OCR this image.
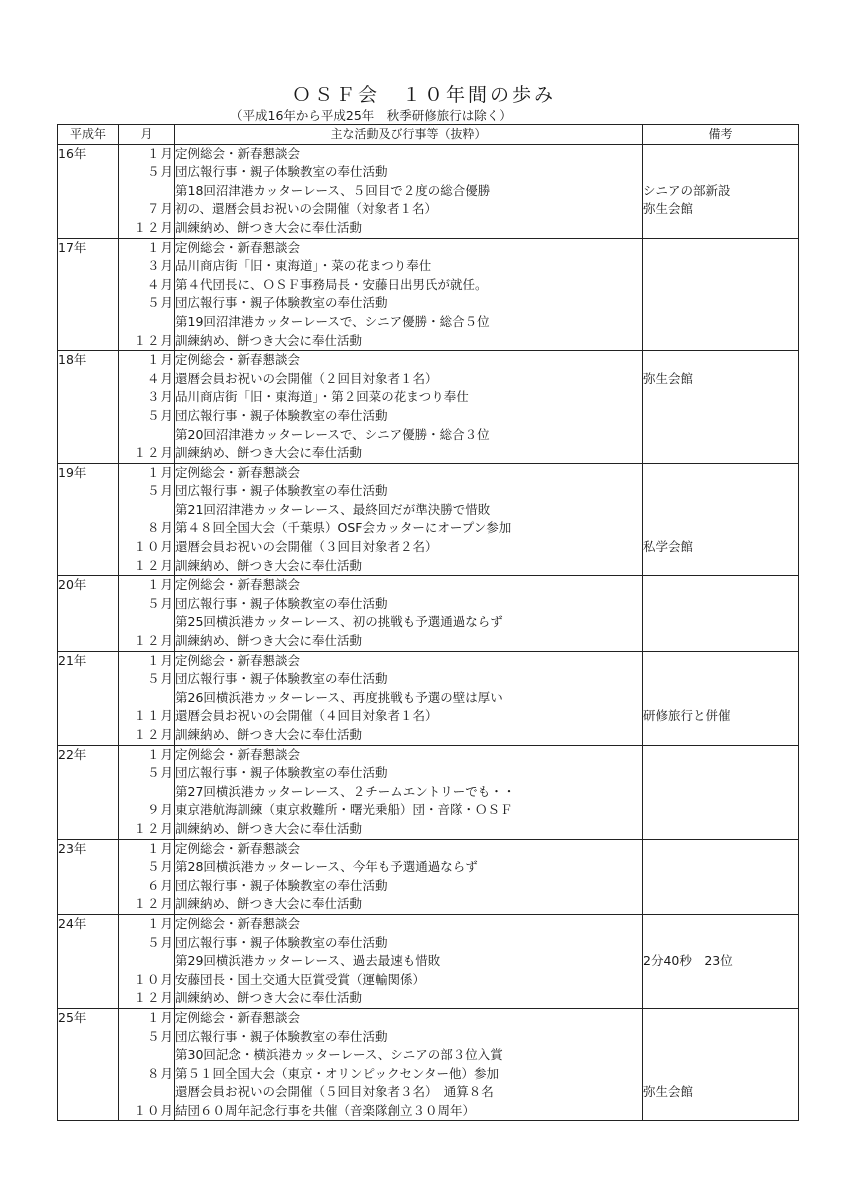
ＯＳＦ会　１０年間の歩み
（平成16年から平成25年　秋季研修旅行は除く）
平成年	月	主な活動及び行事等（抜粋）	備考
16年	１月	定例総会・新春懇談会	
	５月	団広報行事・親子体験教室の奉仕活動	
		第18回沼津港カッターレース、５回目で２度の総合優勝	シニアの部新設
	７月	初の、還暦会員お祝いの会開催（対象者１名）	弥生会館
	１２月	訓練納め、餅つき大会に奉仕活動	
17年	１月	定例総会・新春懇談会	
	３月	品川商店街「旧・東海道」・菜の花まつり奉仕	
	４月	第４代団長に、ＯＳＦ事務局長・安藤日出男氏が就任。	
	５月	団広報行事・親子体験教室の奉仕活動	
		第19回沼津港カッターレースで、シニア優勝・総合５位	
	１２月	訓練納め、餅つき大会に奉仕活動	
18年	１月	定例総会・新春懇談会	
	４月	還暦会員お祝いの会開催（２回目対象者１名）	弥生会館
	３月	品川商店街「旧・東海道」・第２回菜の花まつり奉仕	
	５月	団広報行事・親子体験教室の奉仕活動	
		第20回沼津港カッターレースで、シニア優勝・総合３位	
	１２月	訓練納め、餅つき大会に奉仕活動	
19年	１月	定例総会・新春懇談会	
	５月	団広報行事・親子体験教室の奉仕活動	
		第21回沼津港カッターレース、最終回だが準決勝で惜敗	
	８月	第４８回全国大会（千葉県）OSF会カッターにオープン参加	
	１０月	還暦会員お祝いの会開催（３回目対象者２名）	私学会館
	１２月	訓練納め、餅つき大会に奉仕活動	
20年	１月	定例総会・新春懇談会	
	５月	団広報行事・親子体験教室の奉仕活動	
		第25回横浜港カッターレース、初の挑戦も予選通過ならず	
	１２月	訓練納め、餅つき大会に奉仕活動	
21年	１月	定例総会・新春懇談会	
	５月	団広報行事・親子体験教室の奉仕活動	
		第26回横浜港カッターレース、再度挑戦も予選の壁は厚い	
	１１月	還暦会員お祝いの会開催（４回目対象者１名）	研修旅行と併催
	１２月	訓練納め、餅つき大会に奉仕活動	
22年	１月	定例総会・新春懇談会	
	５月	団広報行事・親子体験教室の奉仕活動	
		第27回横浜港カッターレース、２チームエントリーでも・・	
	９月	東京港航海訓練（東京救難所・曙光乗船）団・音隊・ＯＳＦ	
	１２月	訓練納め、餅つき大会に奉仕活動	
23年	１月	定例総会・新春懇談会	
	５月	第28回横浜港カッターレース、今年も予選通過ならず	
	６月	団広報行事・親子体験教室の奉仕活動	
	１２月	訓練納め、餅つき大会に奉仕活動	
24年	１月	定例総会・新春懇談会	
	５月	団広報行事・親子体験教室の奉仕活動	
		第29回横浜港カッターレース、過去最速も惜敗	2分40秒　23位
	１０月	安藤団長・国土交通大臣賞受賞（運輸関係）	
	１２月	訓練納め、餅つき大会に奉仕活動	
25年	１月	定例総会・新春懇談会	
	５月	団広報行事・親子体験教室の奉仕活動	
		第30回記念・横浜港カッターレース、シニアの部３位入賞	
	８月	第５１回全国大会（東京・オリンピックセンター他）参加	
		還暦会員お祝いの会開催（５回目対象者３名）　通算８名	弥生会館
	１０月	結団６０周年記念行事を共催（音楽隊創立３０周年）	
